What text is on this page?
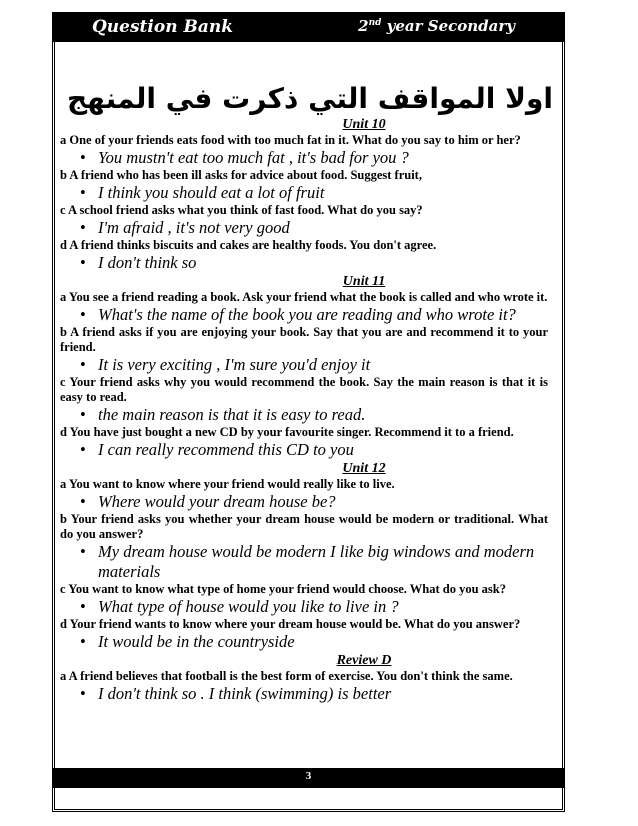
Question Bank	2nd year Secondary
اولا المواقف التي ذكرت في المنهج
Unit 10
a One of your friends eats food with too much fat in it. What do you say to him or her?
• You mustn't eat too much fat , it's bad for you ?
b A friend who has been ill asks for advice about food. Suggest fruit,
• I think you should eat a lot of fruit
c A school friend asks what you think of fast food. What do you say?
• I'm afraid , it's not very good
d A friend thinks biscuits and cakes are healthy foods. You don't agree.
• I don't think so
Unit 11
a You see a friend reading a book. Ask your friend what the book is called and who wrote it.
• What's the name of the book you are reading and who wrote it?
b A friend asks if you are enjoying your book. Say that you are and recommend it to your friend.
• It is very exciting , I'm sure you'd enjoy it
c Your friend asks why you would recommend the book. Say the main reason is that it is easy to read.
• the main reason is that it is easy to read.
d You have just bought a new CD by your favourite singer. Recommend it to a friend.
• I can really recommend this CD to you
Unit 12
a You want to know where your friend would really like to live.
• Where would your dream house be?
b Your friend asks you whether your dream house would be modern or traditional. What do you answer?
• My dream house would be modern I like big windows and modern materials
c You want to know what type of home your friend would choose. What do you ask?
• What type of house would you like to live in ?
d Your friend wants to know where your dream house would be. What do you answer?
• It would be in the countryside
Review D
a A friend believes that football is the best form of exercise. You don't think the same.
• I don't think so . I think (swimming) is better
3
